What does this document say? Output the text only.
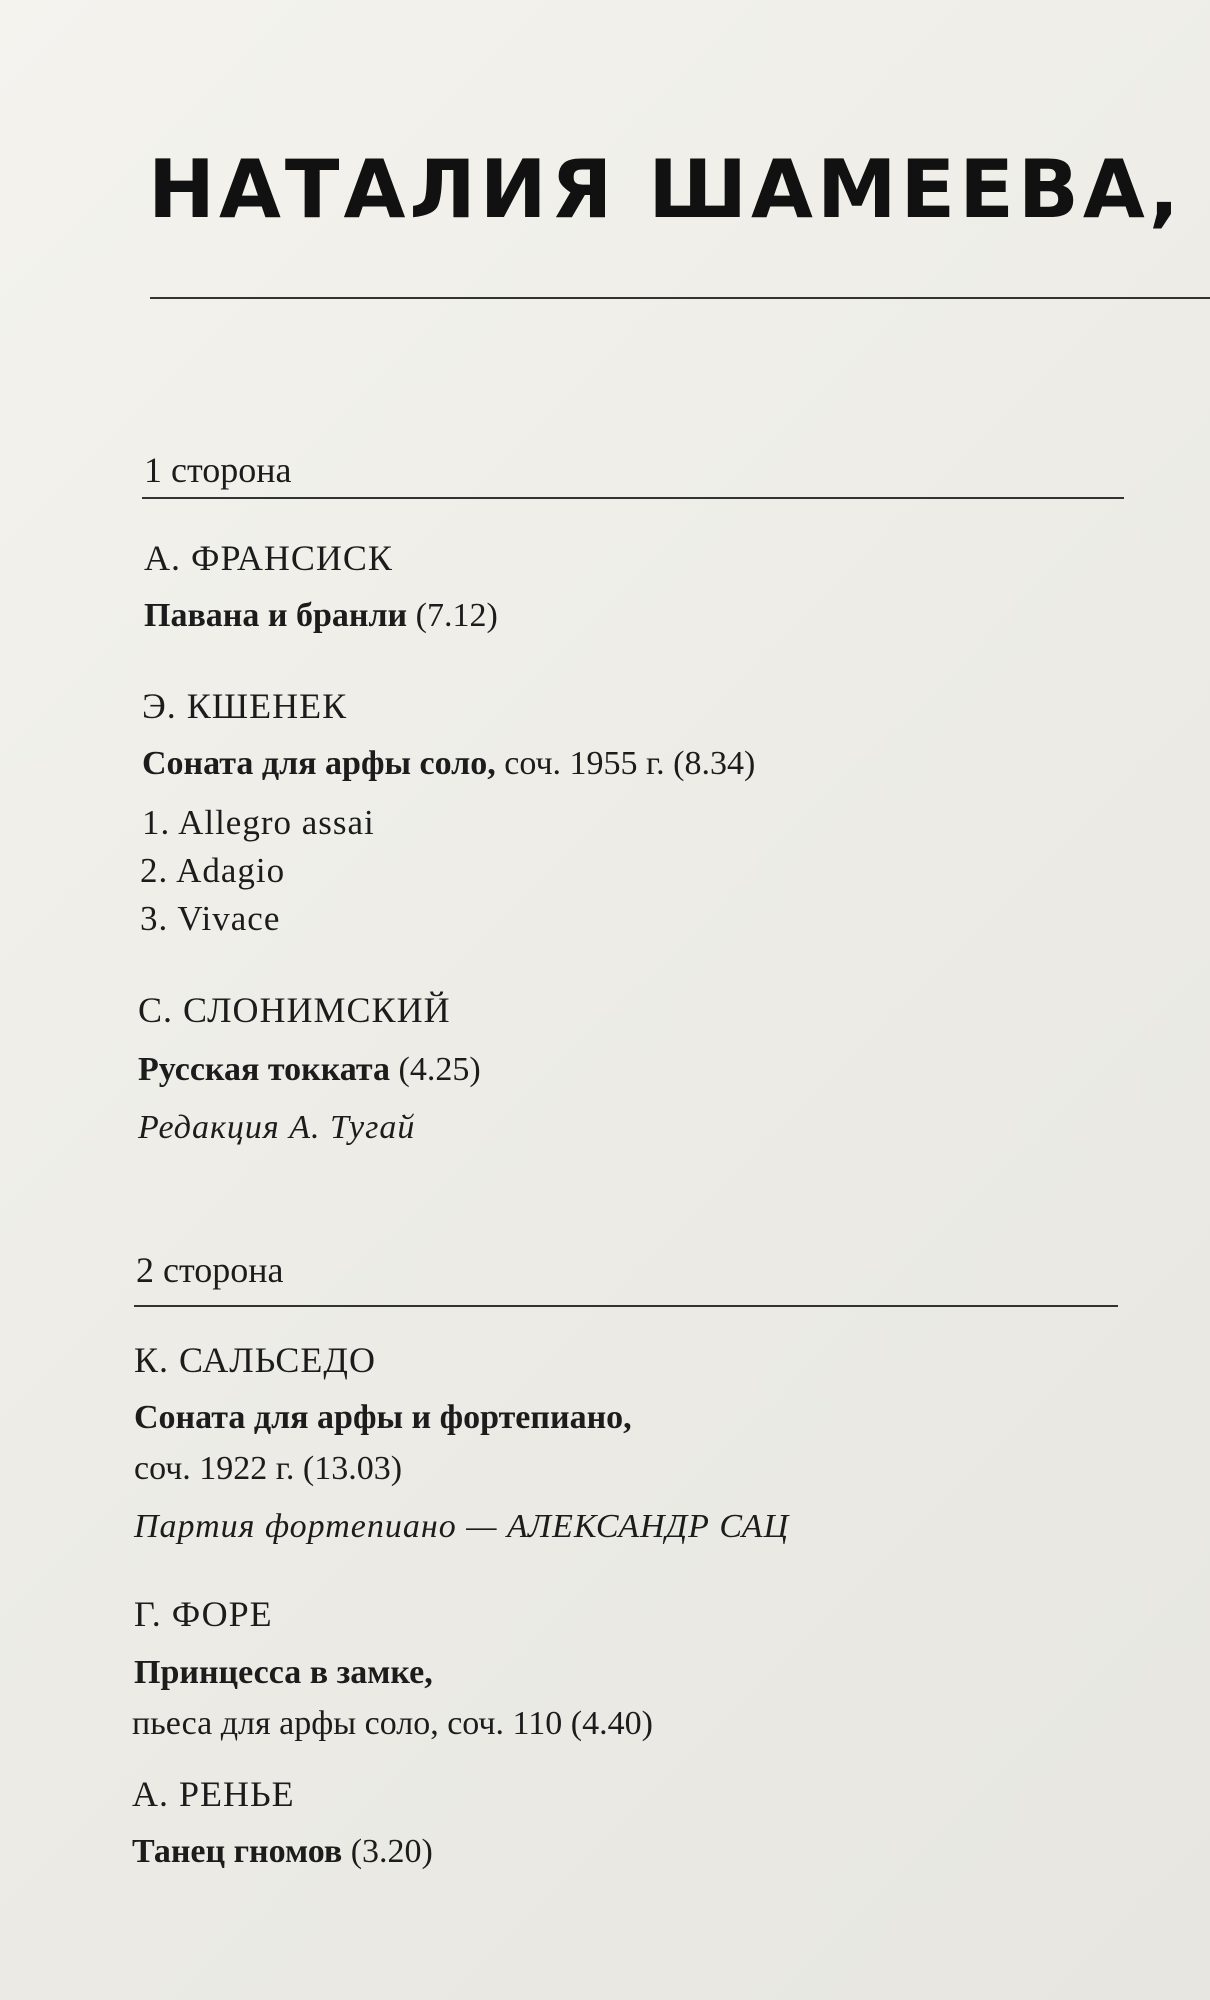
НАТАЛИЯ ШАМЕЕВА,
1 сторона
А. ФРАНСИСК
Павана и бранли (7.12)
Э. КШЕНЕК
Соната для арфы соло, соч. 1955 г. (8.34)
1. Allegro assai
2. Adagio
3. Vivace
С. СЛОНИМСКИЙ
Русская токката (4.25)
Редакция А. Тугай
2 сторона
К. САЛЬСЕДО
Соната для арфы и фортепиано,
соч. 1922 г. (13.03)
Партия фортепиано — АЛЕКСАНДР САЦ
Г. ФОРЕ
Принцесса в замке,
пьеса для арфы соло, соч. 110 (4.40)
А. РЕНЬЕ
Танец гномов (3.20)
